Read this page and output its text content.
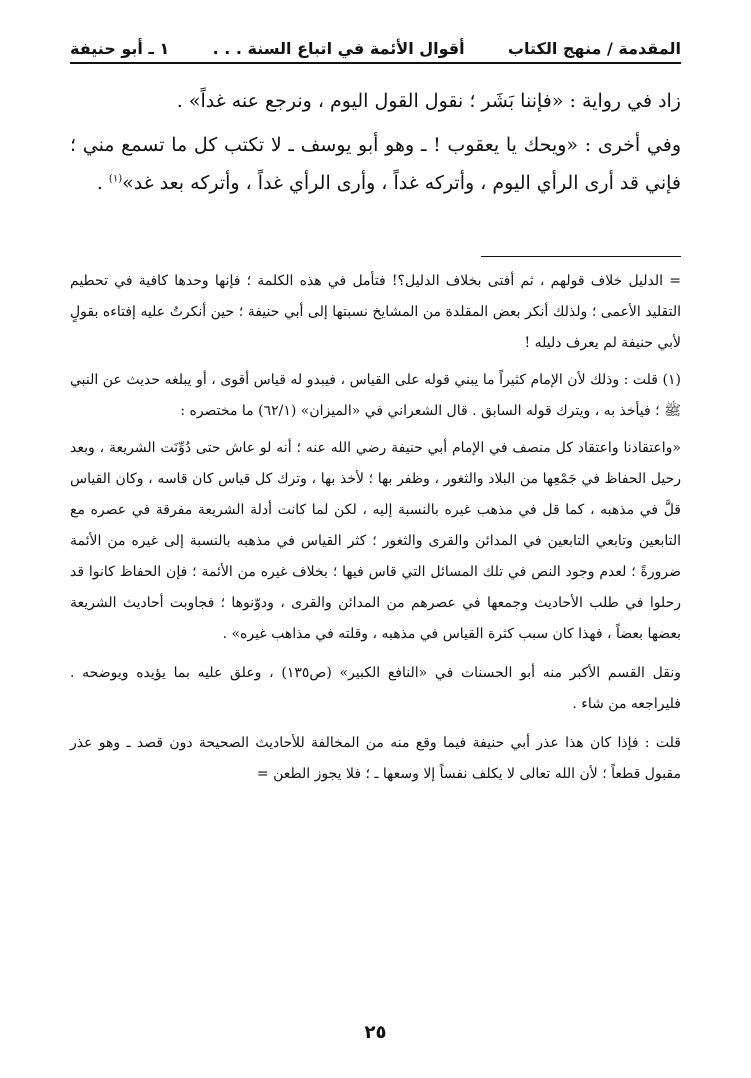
المقدمة / منهج الكتاب
أقوال الأئمة في اتباع السنة . . .
١ ـ أبو حنيفة

زاد في رواية : «فإننا بَشَر ؛ نقول القول اليوم ، ونرجع عنه غداً» .

وفي أخرى : «ويحك يا يعقوب ! ـ وهو أبو يوسف ـ لا تكتب كل ما تسمع مني ؛ فإني قد أرى الرأي اليوم ، وأتركه غداً ، وأرى الرأي غداً ، وأتركه بعد غد»$^{(١)}$ .

= الدليل خلاف قولهم ، ثم أفتى بخلاف الدليل؟! فتأمل في هذه الكلمة ؛ فإنها وحدها كافية في تحطيم التقليد الأعمى ؛ ولذلك أنكر بعض المقلدة من المشايخ نسبتها إلى أبي حنيفة ؛ حين أنكرتُ عليه إفتاءه بقولٍ لأبي حنيفة لم يعرف دليله !

(١) قلت : وذلك لأن الإمام كثيراً ما يبني قوله على القياس ، فيبدو له قياس أقوى ، أو يبلغه حديث عن النبي ﷺ ؛ فيأخذ به ، ويترك قوله السابق . قال الشعراني في «الميزان» (٦٢/١) ما مختصره :

«واعتقادنا واعتقاد كل منصف في الإمام أبي حنيفة رضي الله عنه ؛ أنه لو عاش حتى دُوِّنَت الشريعة ، وبعد رحيل الحفاظ في جَمْعِها من البلاد والثغور ، وظفر بها ؛ لأخذ بها ، وترك كل قياس كان قاسه ، وكان القياس قلَّ في مذهبه ، كما قل في مذهب غيره بالنسبة إليه ، لكن لما كانت أدلة الشريعة مفرقة في عصره مع التابعين وتابعي التابعين في المدائن والقرى والثغور ؛ كثر القياس في مذهبه بالنسبة إلى غيره من الأئمة ضرورةً ؛ لعدم وجود النص في تلك المسائل التي قاس فيها ؛ بخلاف غيره من الأئمة ؛ فإن الحفاظ كانوا قد رحلوا في طلب الأحاديث وجمعها في عصرهم من المدائن والقرى ، ودوّنوها ؛ فجاوبت أحاديث الشريعة بعضها بعضاً ، فهذا كان سبب كثرة القياس في مذهبه ، وقلته في مذاهب غيره» .

ونقل القسم الأكبر منه أبو الحسنات في «النافع الكبير» (ص١٣٥) ، وعلق عليه بما يؤيده ويوضحه . فليراجعه من شاء .

قلت : فإذا كان هذا عذر أبي حنيفة فيما وقع منه من المخالفة للأحاديث الصحيحة دون قصد ـ وهو عذر مقبول قطعاً ؛ لأن الله تعالى لا يكلف نفساً إلا وسعها ـ ؛ فلا يجوز الطعن =

٢٥
